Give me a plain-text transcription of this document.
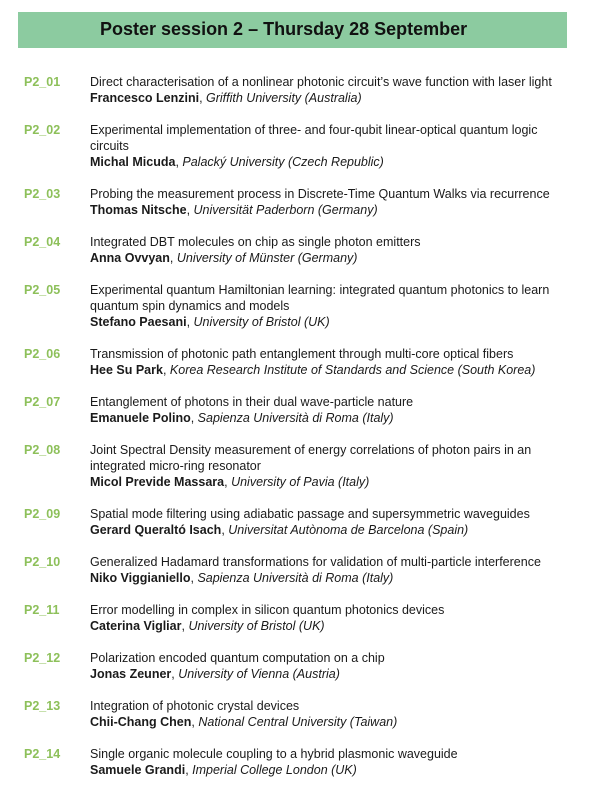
Poster session 2 – Thursday 28 September
P2_01	Direct characterisation of a nonlinear photonic circuit’s wave function with laser light
Francesco Lenzini, Griffith University (Australia)
P2_02	Experimental implementation of three- and four-qubit linear-optical quantum logic circuits
Michal Micuda, Palacký University (Czech Republic)
P2_03	Probing the measurement process in Discrete-Time Quantum Walks via recurrence
Thomas Nitsche, Universität Paderborn (Germany)
P2_04	Integrated DBT molecules on chip as single photon emitters
Anna Ovvyan, University of Münster (Germany)
P2_05	Experimental quantum Hamiltonian learning: integrated quantum photonics to learn quantum spin dynamics and models
Stefano Paesani, University of Bristol (UK)
P2_06	Transmission of photonic path entanglement through multi-core optical fibers
Hee Su Park, Korea Research Institute of Standards and Science (South Korea)
P2_07	Entanglement of photons in their dual wave-particle nature
Emanuele Polino, Sapienza Università di Roma (Italy)
P2_08	Joint Spectral Density measurement of energy correlations of photon pairs in an integrated micro-ring resonator
Micol Previde Massara, University of Pavia (Italy)
P2_09	Spatial mode filtering using adiabatic passage and supersymmetric waveguides
Gerard Queraltó Isach, Universitat Autònoma de Barcelona (Spain)
P2_10	Generalized Hadamard transformations for validation of multi-particle interference
Niko Viggianiello, Sapienza Università di Roma (Italy)
P2_11	Error modelling in complex in silicon quantum photonics devices
Caterina Vigliar, University of Bristol (UK)
P2_12	Polarization encoded quantum computation on a chip
Jonas Zeuner, University of Vienna (Austria)
P2_13	Integration of photonic crystal devices
Chii-Chang Chen, National Central University (Taiwan)
P2_14	Single organic molecule coupling to a hybrid plasmonic waveguide
Samuele Grandi, Imperial College London (UK)
